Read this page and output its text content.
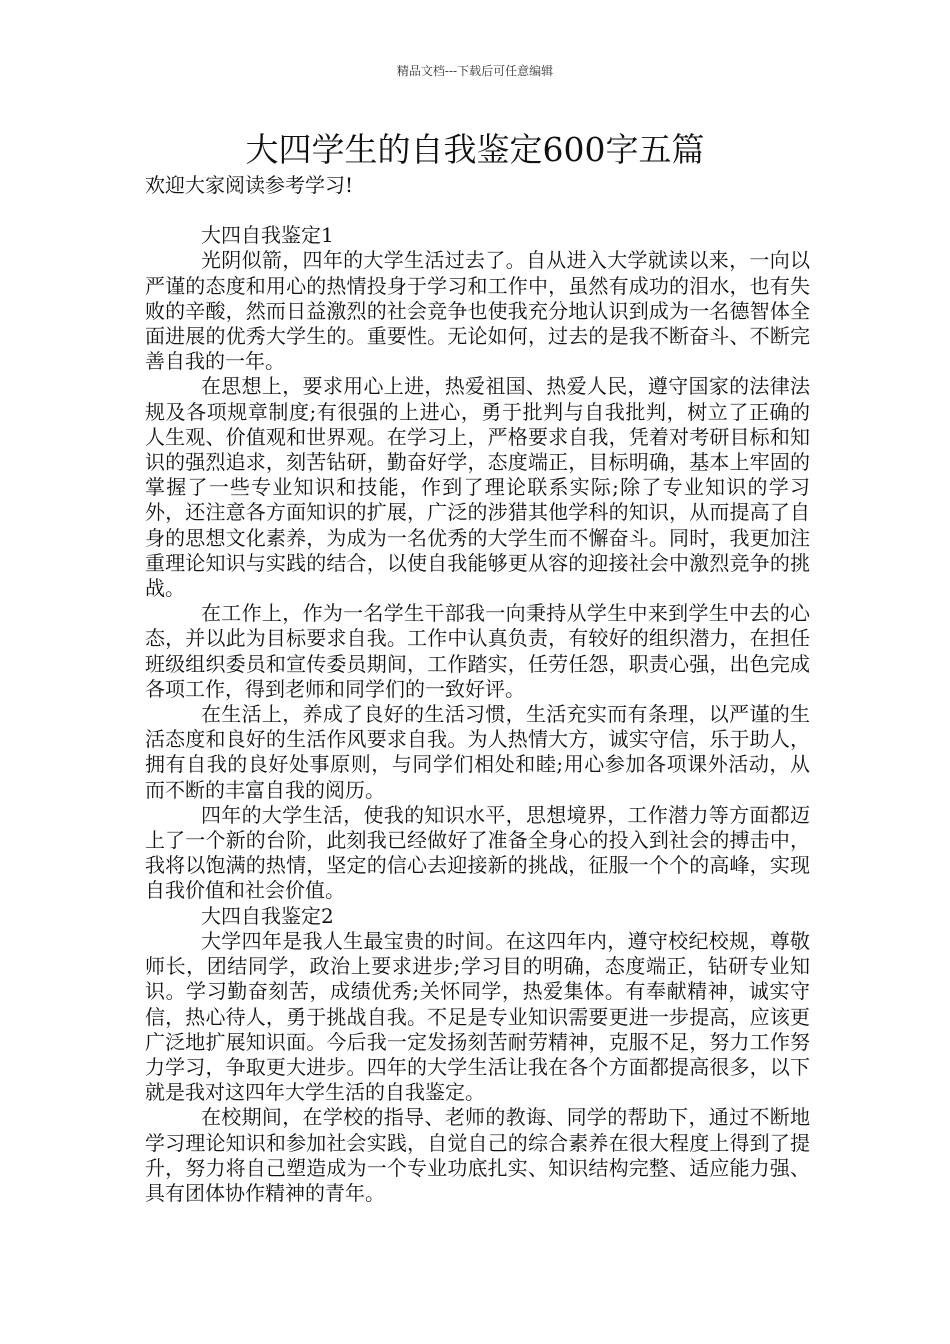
精品文档---下载后可任意编辑
大四学生的自我鉴定600字五篇

欢迎大家阅读参考学习!

大四自我鉴定1

光阴似箭，四年的大学生活过去了。自从进入大学就读以来，一向以严谨的态度和用心的热情投身于学习和工作中，虽然有成功的泪水，也有失败的辛酸，然而日益激烈的社会竞争也使我充分地认识到成为一名德智体全面进展的优秀大学生的。重要性。无论如何，过去的是我不断奋斗、不断完善自我的一年。

在思想上，要求用心上进，热爱祖国、热爱人民，遵守国家的法律法规及各项规章制度;有很强的上进心，勇于批判与自我批判，树立了正确的人生观、价值观和世界观。在学习上，严格要求自我，凭着对考研目标和知识的强烈追求，刻苦钻研，勤奋好学，态度端正，目标明确，基本上牢固的掌握了一些专业知识和技能，作到了理论联系实际;除了专业知识的学习外，还注意各方面知识的扩展，广泛的涉猎其他学科的知识，从而提高了自身的思想文化素养，为成为一名优秀的大学生而不懈奋斗。同时，我更加注重理论知识与实践的结合，以使自我能够更从容的迎接社会中激烈竞争的挑战。

在工作上，作为一名学生干部我一向秉持从学生中来到学生中去的心态，并以此为目标要求自我。工作中认真负责，有较好的组织潜力，在担任班级组织委员和宣传委员期间，工作踏实，任劳任怨，职责心强，出色完成各项工作，得到老师和同学们的一致好评。

在生活上，养成了良好的生活习惯，生活充实而有条理，以严谨的生活态度和良好的生活作风要求自我。为人热情大方，诚实守信，乐于助人，拥有自我的良好处事原则，与同学们相处和睦;用心参加各项课外活动，从而不断的丰富自我的阅历。

四年的大学生活，使我的知识水平，思想境界，工作潜力等方面都迈上了一个新的台阶，此刻我已经做好了准备全身心的投入到社会的搏击中，我将以饱满的热情，坚定的信心去迎接新的挑战，征服一个个的高峰，实现自我价值和社会价值。

大四自我鉴定2

大学四年是我人生最宝贵的时间。在这四年内，遵守校纪校规，尊敬师长，团结同学，政治上要求进步;学习目的明确，态度端正，钻研专业知识。学习勤奋刻苦，成绩优秀;关怀同学，热爱集体。有奉献精神，诚实守信，热心待人，勇于挑战自我。不足是专业知识需要更进一步提高，应该更广泛地扩展知识面。今后我一定发扬刻苦耐劳精神，克服不足，努力工作努力学习，争取更大进步。四年的大学生活让我在各个方面都提高很多，以下就是我对这四年大学生活的自我鉴定。

在校期间，在学校的指导、老师的教诲、同学的帮助下，通过不断地学习理论知识和参加社会实践，自觉自己的综合素养在很大程度上得到了提升，努力将自己塑造成为一个专业功底扎实、知识结构完整、适应能力强、具有团体协作精神的青年。
